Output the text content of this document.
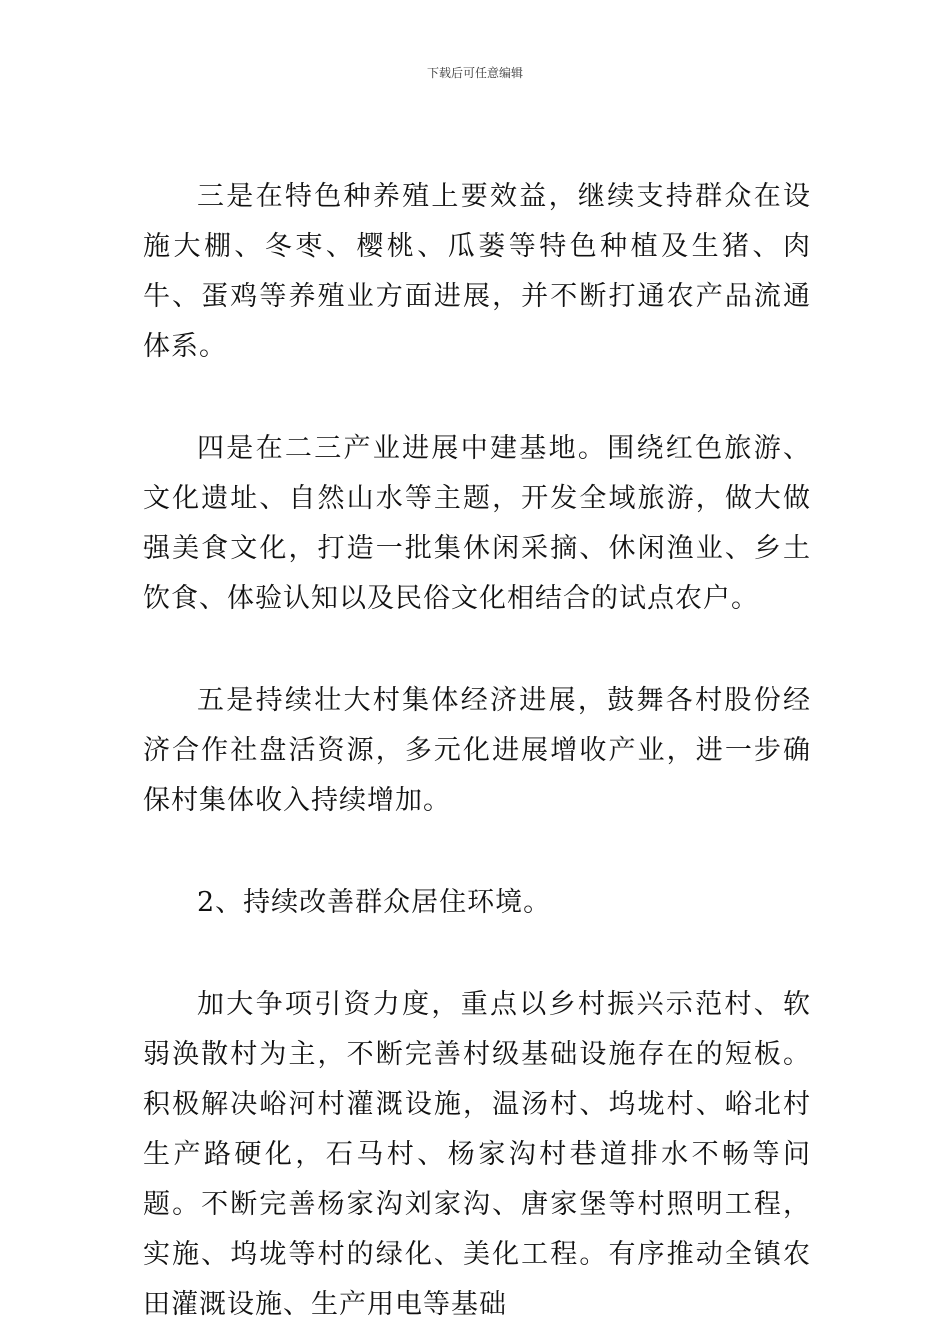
下载后可任意编辑

三是在特色种养殖上要效益，继续支持群众在设施大棚、冬枣、樱桃、瓜蒌等特色种植及生猪、肉牛、蛋鸡等养殖业方面进展，并不断打通农产品流通体系。

四是在二三产业进展中建基地。围绕红色旅游、文化遗址、自然山水等主题，开发全域旅游，做大做强美食文化，打造一批集休闲采摘、休闲渔业、乡土饮食、体验认知以及民俗文化相结合的试点农户。

五是持续壮大村集体经济进展，鼓舞各村股份经济合作社盘活资源，多元化进展增收产业，进一步确保村集体收入持续增加。

2、持续改善群众居住环境。

加大争项引资力度，重点以乡村振兴示范村、软弱涣散村为主，不断完善村级基础设施存在的短板。积极解决峪河村灌溉设施，温汤村、坞垅村、峪北村生产路硬化，石马村、杨家沟村巷道排水不畅等问题。不断完善杨家沟刘家沟、唐家堡等村照明工程，实施、坞垅等村的绿化、美化工程。有序推动全镇农田灌溉设施、生产用电等基础
